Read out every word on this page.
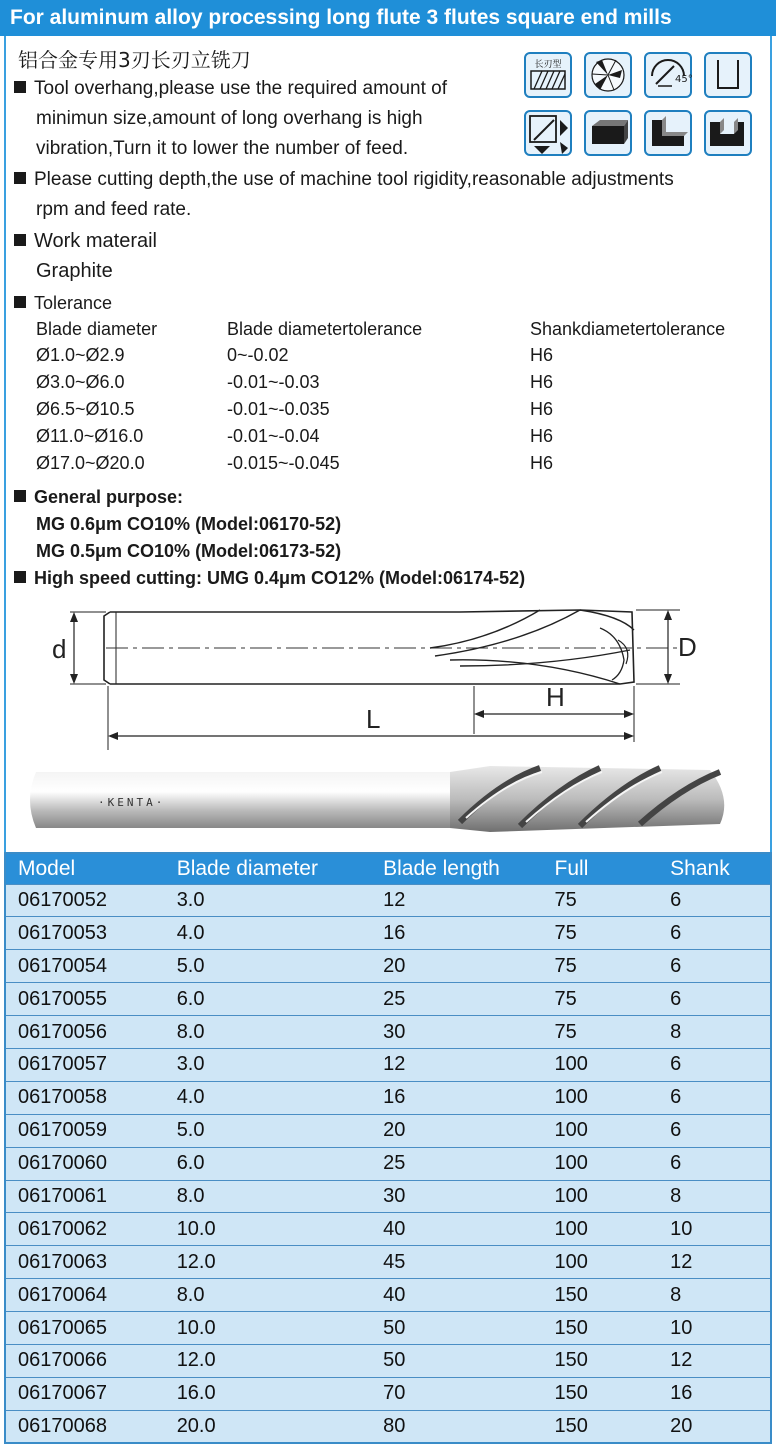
For aluminum alloy processing long flute 3 flutes square end mills
铝合金专用3刃长刃立铣刀
Tool overhang,please use the required amount of
minimun size,amount of long overhang is high
vibration,Turn it to lower the number of feed.
Please cutting depth,the use of machine tool rigidity,reasonable adjustments
rpm and feed rate.
Work materail
Graphite
Tolerance
Blade diameter	Blade diametertolerance	Shankdiametertolerance
Ø1.0~Ø2.9	0~-0.02	H6
Ø3.0~Ø6.0	-0.01~-0.03	H6
Ø6.5~Ø10.5	-0.01~-0.035	H6
Ø11.0~Ø16.0	-0.01~-0.04	H6
Ø17.0~Ø20.0	-0.015~-0.045	H6
General purpose:
MG 0.6μm CO10% (Model:06170-52)
MG 0.5μm CO10% (Model:06173-52)
High speed cutting: UMG 0.4μm CO12% (Model:06174-52)
长刃型
45°
d	D
L
H
·KENTA·
Model	Blade diameter	Blade length	Full	Shank
06170052	3.0	12	75	6
06170053	4.0	16	75	6
06170054	5.0	20	75	6
06170055	6.0	25	75	6
06170056	8.0	30	75	8
06170057	3.0	12	100	6
06170058	4.0	16	100	6
06170059	5.0	20	100	6
06170060	6.0	25	100	6
06170061	8.0	30	100	8
06170062	10.0	40	100	10
06170063	12.0	45	100	12
06170064	8.0	40	150	8
06170065	10.0	50	150	10
06170066	12.0	50	150	12
06170067	16.0	70	150	16
06170068	20.0	80	150	20
